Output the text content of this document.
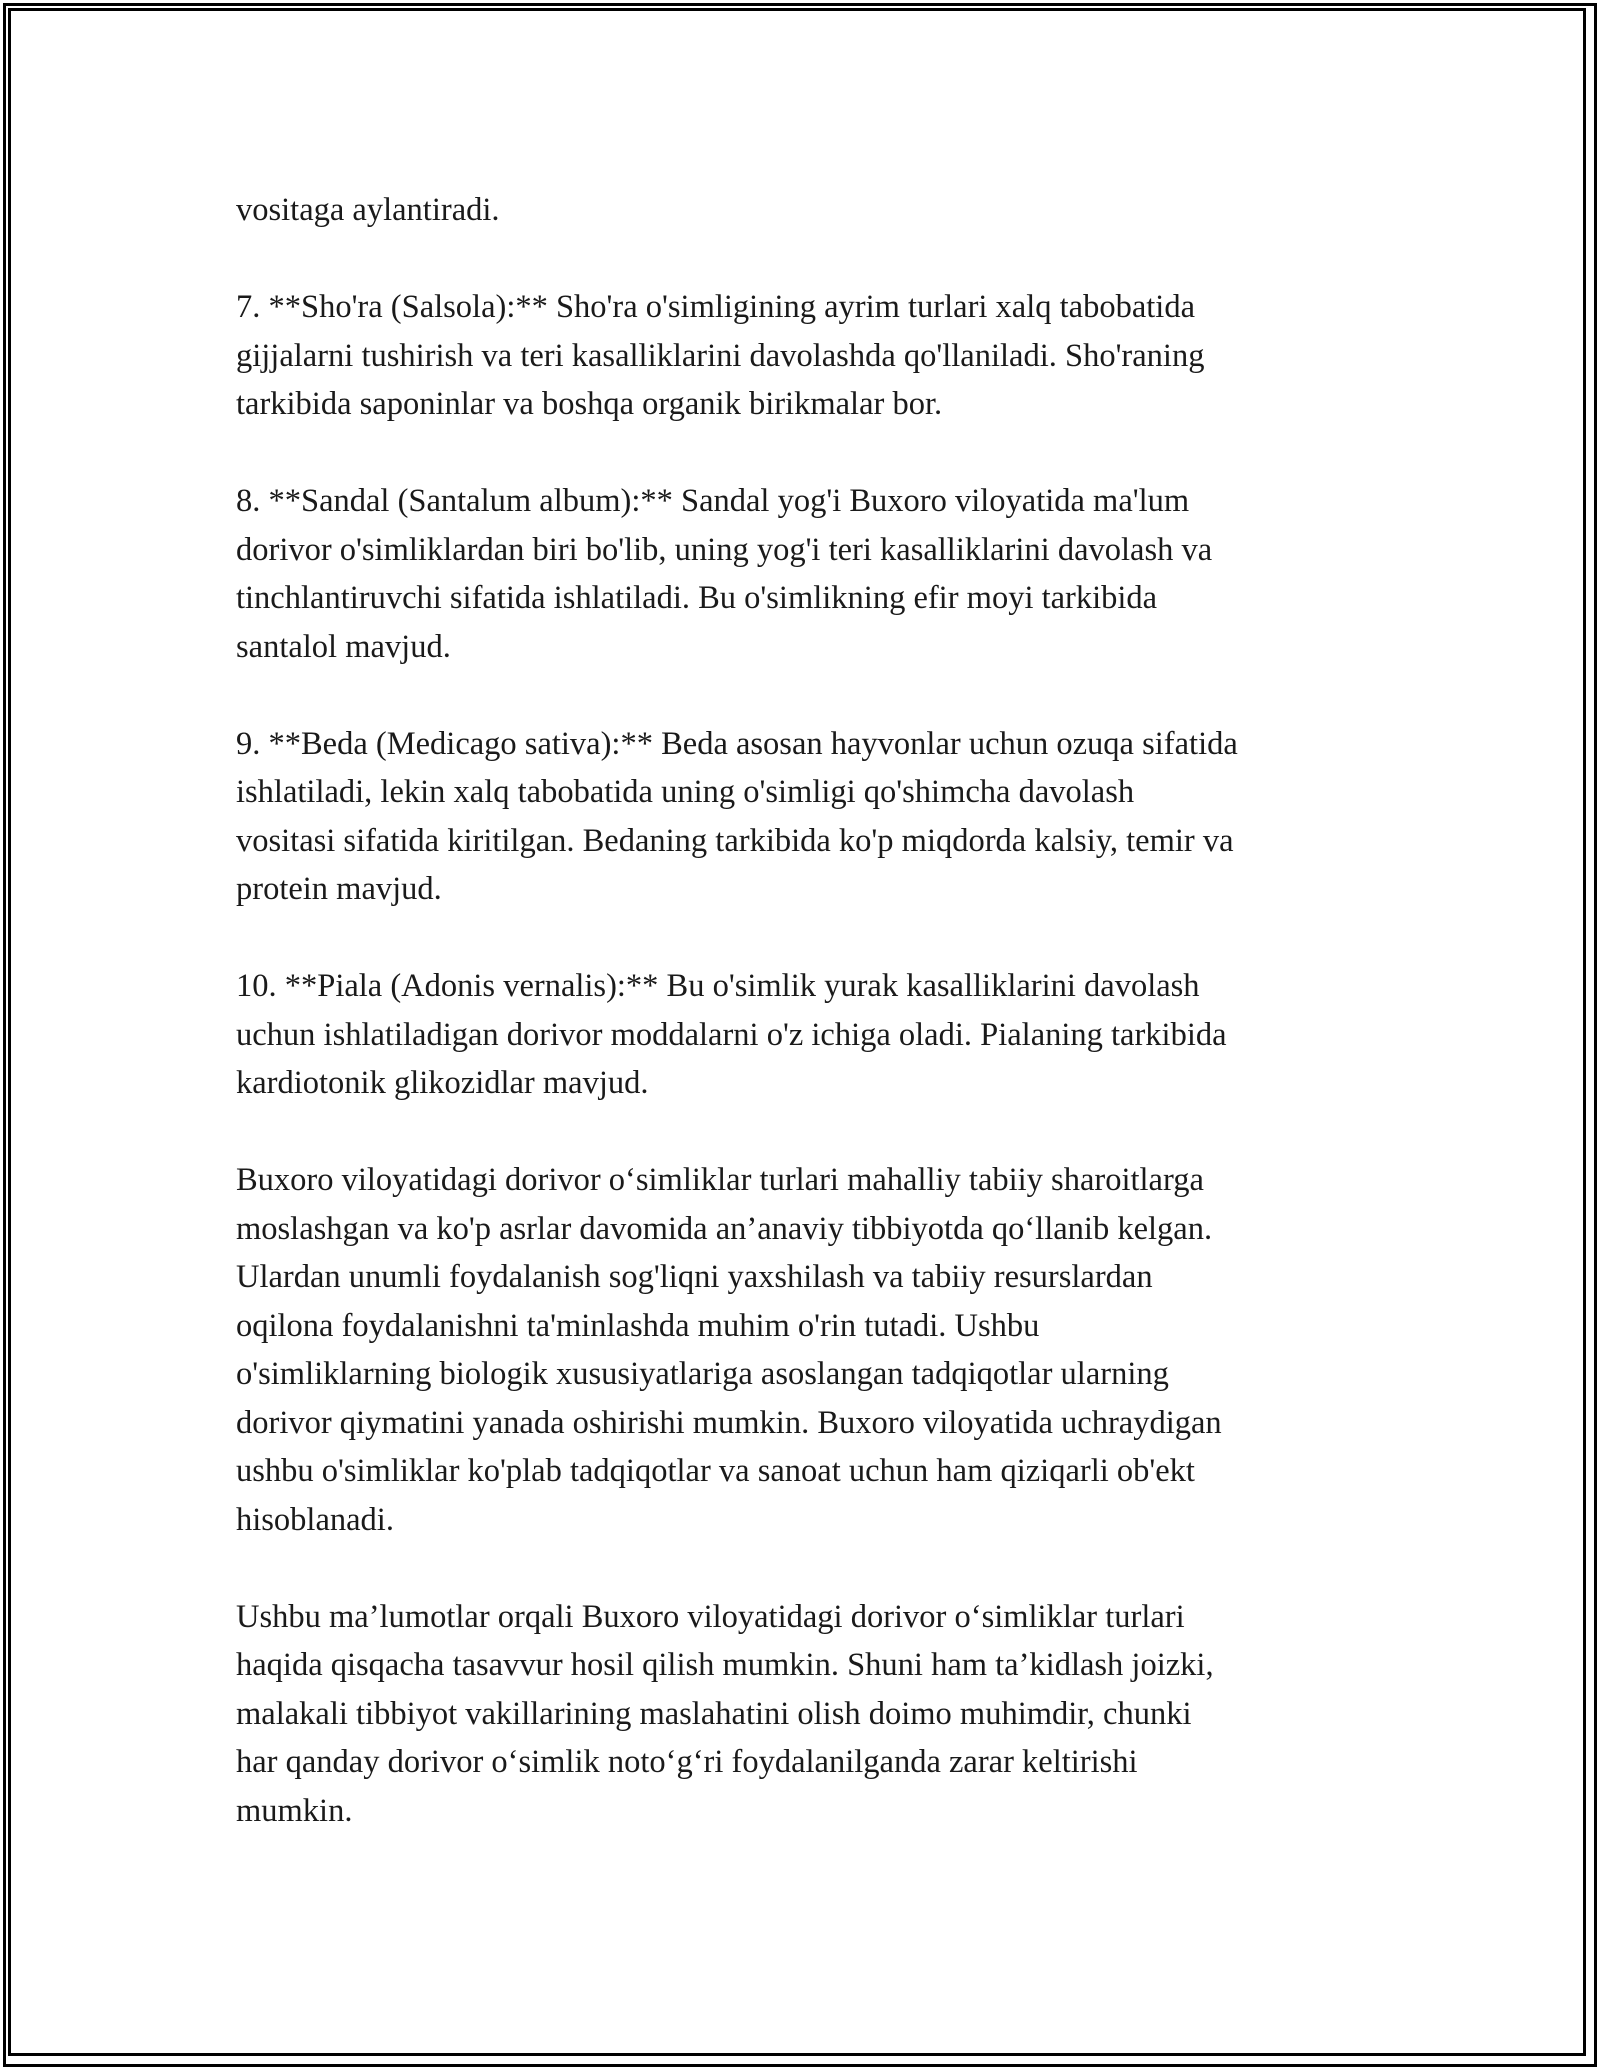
vositaga aylantiradi.

7. **Sho'ra (Salsola):** Sho'ra o'simligining ayrim turlari xalq tabobatida
gijjalarni tushirish va teri kasalliklarini davolashda qo'llaniladi. Sho'raning
tarkibida saponinlar va boshqa organik birikmalar bor.

8. **Sandal (Santalum album):** Sandal yog'i Buxoro viloyatida ma'lum
dorivor o'simliklardan biri bo'lib, uning yog'i teri kasalliklarini davolash va
tinchlantiruvchi sifatida ishlatiladi. Bu o'simlikning efir moyi tarkibida
santalol mavjud.

9. **Beda (Medicago sativa):** Beda asosan hayvonlar uchun ozuqa sifatida
ishlatiladi, lekin xalq tabobatida uning o'simligi qo'shimcha davolash
vositasi sifatida kiritilgan. Bedaning tarkibida ko'p miqdorda kalsiy, temir va
protein mavjud.

10. **Piala (Adonis vernalis):** Bu o'simlik yurak kasalliklarini davolash
uchun ishlatiladigan dorivor moddalarni o'z ichiga oladi. Pialaning tarkibida
kardiotonik glikozidlar mavjud.

Buxoro viloyatidagi dorivor o‘simliklar turlari mahalliy tabiiy sharoitlarga
moslashgan va ko'p asrlar davomida an’anaviy tibbiyotda qo‘llanib kelgan.
Ulardan unumli foydalanish sog'liqni yaxshilash va tabiiy resurslardan
oqilona foydalanishni ta'minlashda muhim o'rin tutadi. Ushbu
o'simliklarning biologik xususiyatlariga asoslangan tadqiqotlar ularning
dorivor qiymatini yanada oshirishi mumkin. Buxoro viloyatida uchraydigan
ushbu o'simliklar ko'plab tadqiqotlar va sanoat uchun ham qiziqarli ob'ekt
hisoblanadi.

Ushbu ma’lumotlar orqali Buxoro viloyatidagi dorivor o‘simliklar turlari
haqida qisqacha tasavvur hosil qilish mumkin. Shuni ham ta’kidlash joizki,
malakali tibbiyot vakillarining maslahatini olish doimo muhimdir, chunki
har qanday dorivor o‘simlik noto‘g‘ri foydalanilganda zarar keltirishi
mumkin.
